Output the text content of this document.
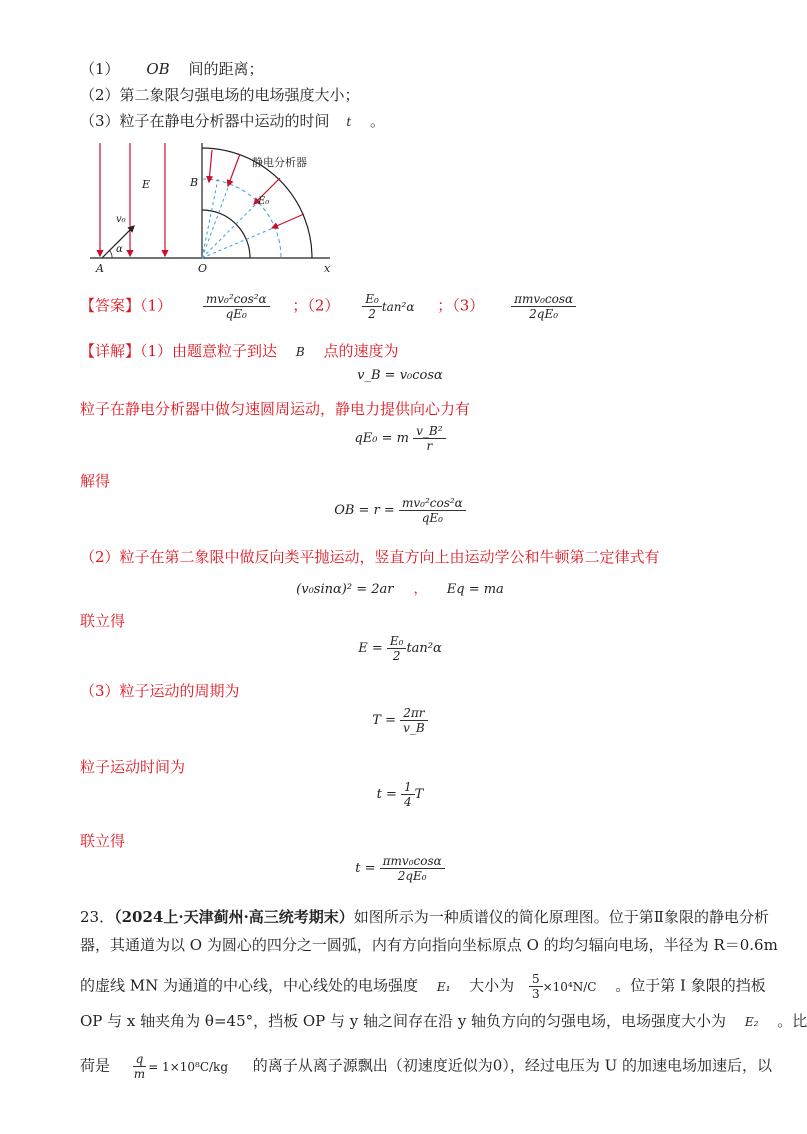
（1） OB 间的距离；
（2）第二象限匀强电场的电场强度大小；
（3）粒子在静电分析器中运动的时间 t 。
静电分析器
E	B
E₀
v₀
α
A	O	x
【答案】（1）	$\frac{\text{mv₀²cos²α}}{\text{qE₀}}$ ；$(2) \frac{\text{E₀}}{2} \tan^2\alpha$ ；$(3) \frac{\text{πmv₀cosα}}{\text{2qE₀}}$
【详解】（1）由题意粒子到达 B 点的速度为
v_B = v₀cosα
粒子在静电分析器中做匀速圆周运动，静电力提供向心力有
qE₀ = m $\frac{\text{v\_B²}}{r}$
解得
OB = $r = \frac{\text{mv₀²cos²α}}{\text{qE₀}}$
（2）粒子在第二象限中做反向类平抛运动，竖直方向上由运动学公和牛顿第二定律式有
(v₀sinα)² = 2ar ， Eq = ma
联立得
$E = \frac{\text{E₀}}{2} \tan^2\alpha$
（3）粒子运动的周期为
$T = \frac{2\pi r}{v\_B}$
粒子运动时间为
$t = \frac{1}{4}$ T
联立得
$t = \frac{\text{πmv₀cosα}}{\text{2qE₀}}$
23．（2024上·天津蓟州·高三统考期末）如图所示为一种质谱仪的简化原理图。位于第Ⅱ象限的静电分析
器，其通道为以 O 为圆心的四分之一圆弧，内有方向指向坐标原点 O 的均匀辐向电场，半径为 R＝0.6m
的虚线 MN 为通道的中心线，中心线处的电场强度 E₁ 大小为 $\frac{5}{3} \times 10^4N/C$ 。位于第 I 象限的挡板
OP 与 x 轴夹角为 θ=45°，挡板 OP 与 y 轴之间存在沿 y 轴负方向的匀强电场，电场强度大小为 E₂ 。比
荷是 $\frac{q}{m} = 1\times 10^8C/kg$ 的离子从离子源飘出（初速度近似为0），经过电压为 U 的加速电场加速后，以
